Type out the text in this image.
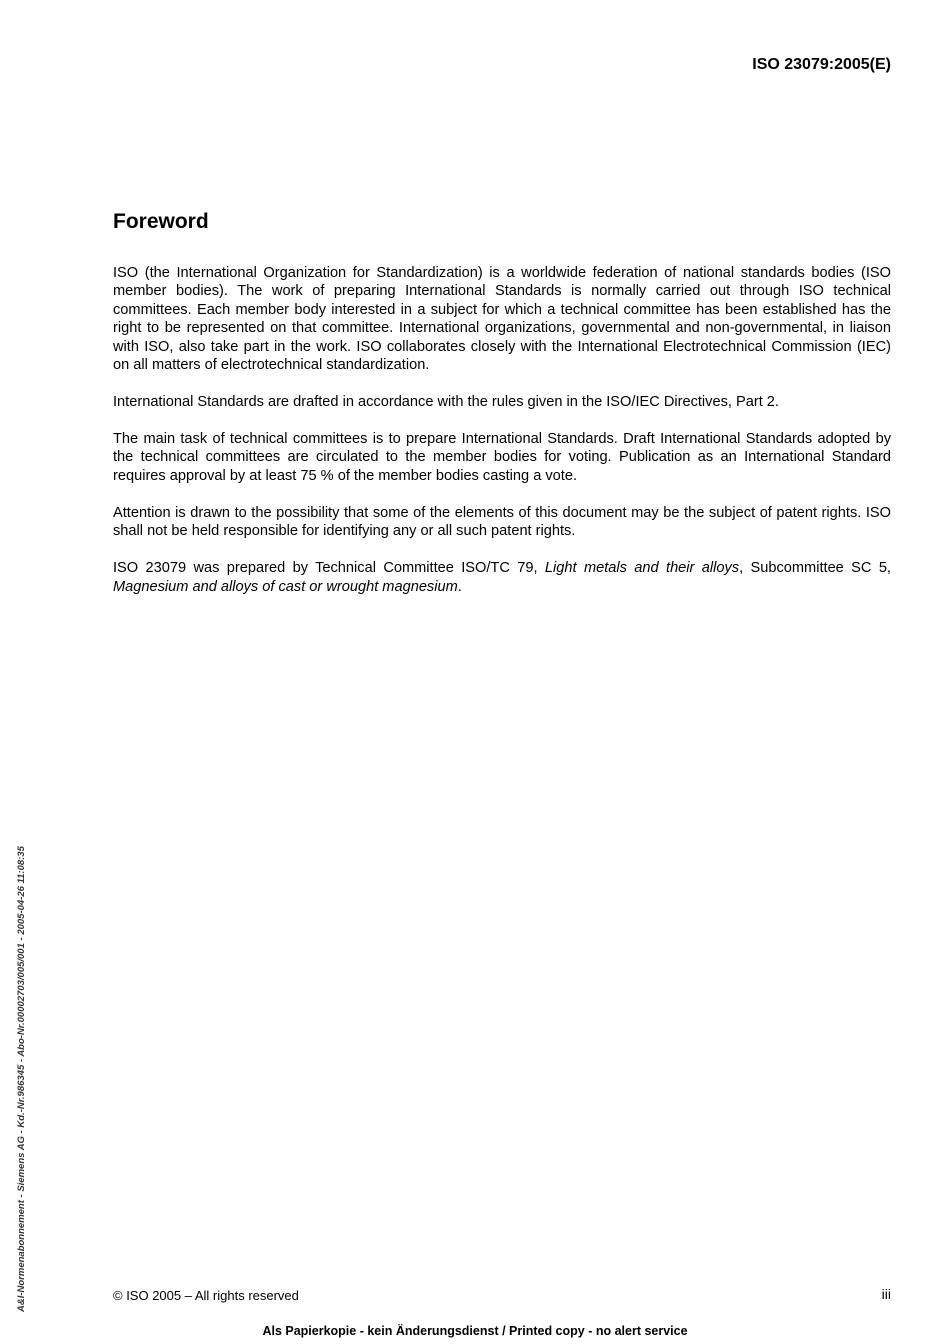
ISO 23079:2005(E)
Foreword

ISO (the International Organization for Standardization) is a worldwide federation of national standards bodies (ISO member bodies). The work of preparing International Standards is normally carried out through ISO technical committees. Each member body interested in a subject for which a technical committee has been established has the right to be represented on that committee. International organizations, governmental and non-governmental, in liaison with ISO, also take part in the work. ISO collaborates closely with the International Electrotechnical Commission (IEC) on all matters of electrotechnical standardization.

International Standards are drafted in accordance with the rules given in the ISO/IEC Directives, Part 2.

The main task of technical committees is to prepare International Standards. Draft International Standards adopted by the technical committees are circulated to the member bodies for voting. Publication as an International Standard requires approval by at least 75 % of the member bodies casting a vote.

Attention is drawn to the possibility that some of the elements of this document may be the subject of patent rights. ISO shall not be held responsible for identifying any or all such patent rights.

ISO 23079 was prepared by Technical Committee ISO/TC 79, Light metals and their alloys, Subcommittee SC 5, Magnesium and alloys of cast or wrought magnesium.

A&I-Normenabonnement - Siemens AG - Kd.-Nr.986345 - Abo-Nr.00002703/005/001 - 2005-04-26 11:08:35	© ISO 2005 – All rights reserved	iii
Als Papierkopie - kein Änderungsdienst / Printed copy - no alert service
